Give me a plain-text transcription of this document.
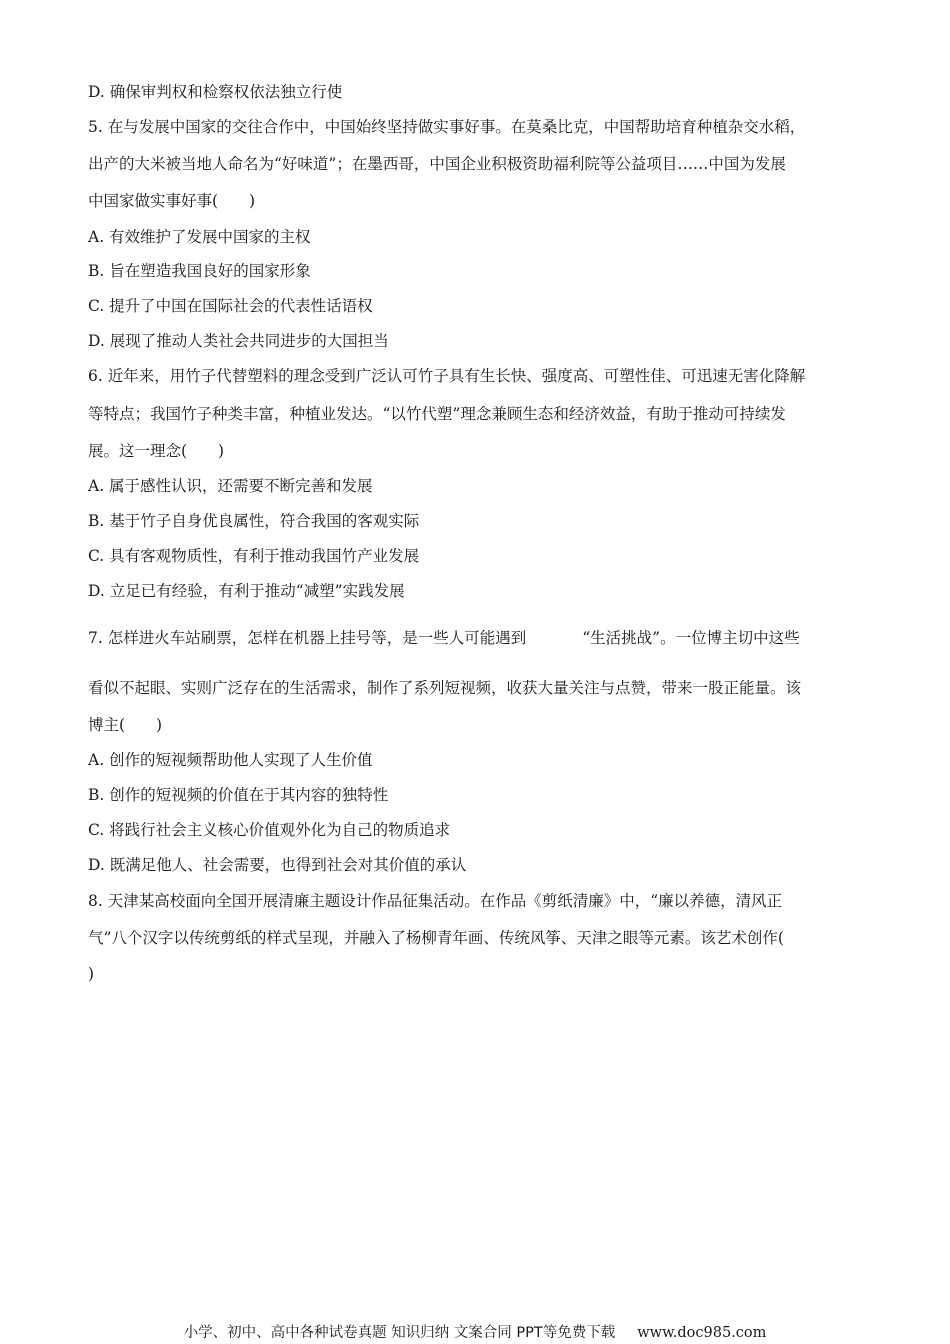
D. 确保审判权和检察权依法独立行使
5. 在与发展中国家的交往合作中，中国始终坚持做实事好事。在莫桑比克，中国帮助培育种植杂交水稻，
出产的大米被当地人命名为“好味道”；在墨西哥，中国企业积极资助福利院等公益项目……中国为发展
中国家做实事好事(　　)
A. 有效维护了发展中国家的主权
B. 旨在塑造我国良好的国家形象
C. 提升了中国在国际社会的代表性话语权
D. 展现了推动人类社会共同进步的大国担当
6. 近年来，用竹子代替塑料的理念受到广泛认可竹子具有生长快、强度高、可塑性佳、可迅速无害化降解
等特点；我国竹子种类丰富，种植业发达。“以竹代塑”理念兼顾生态和经济效益，有助于推动可持续发
展。这一理念(　　)
A. 属于感性认识，还需要不断完善和发展
B. 基于竹子自身优良属性，符合我国的客观实际
C. 具有客观物质性，有利于推动我国竹产业发展
D. 立足已有经验，有利于推动“减塑”实践发展
7. 怎样进火车站刷票，怎样在机器上挂号等，是一些人可能遇到	“生活挑战”。一位博主切中这些
看似不起眼、实则广泛存在的生活需求，制作了系列短视频，收获大量关注与点赞，带来一股正能量。该
博主(　　)
A. 创作的短视频帮助他人实现了人生价值
B. 创作的短视频的价值在于其内容的独特性
C. 将践行社会主义核心价值观外化为自己的物质追求
D. 既满足他人、社会需要，也得到社会对其价值的承认
8. 天津某高校面向全国开展清廉主题设计作品征集活动。在作品《剪纸清廉》中，“廉以养德，清风正
气”八个汉字以传统剪纸的样式呈现，并融入了杨柳青年画、传统风筝、天津之眼等元素。该艺术创作(
)
小学、初中、高中各种试卷真题 知识归纳 文案合同 PPT等免费下载 www.doc985.com
